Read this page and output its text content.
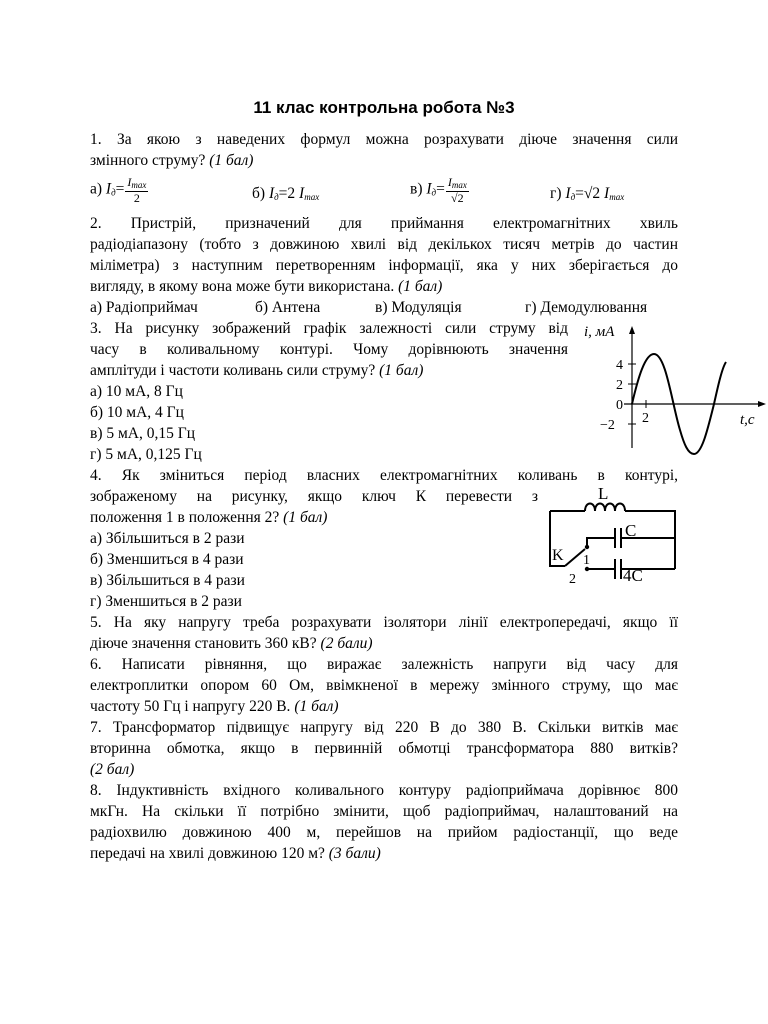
11 клас контрольна робота №3
1. За якою з наведених формул можна розрахувати діюче значення сили
змінного струму? (1 бал)
а) $I_д= \frac{I_{max}}{2}$	б) $I_д=2$ $I_{max}$	в) $I_д= \frac{I_{max}}{√2}$	г) $I_д=√2$ $I_{max}$
2. Пристрій, призначений для приймання електромагнітних хвиль
радіодіапазону (тобто з довжиною хвилі від декількох тисяч метрів до частин
міліметра) з наступним перетворенням інформації, яка у них зберігається до
вигляду, в якому вона може бути використана. (1 бал)
а) Радіоприймач	б) Антена	в) Модуляція	г) Демодулювання
3. На рисунку зображений графік залежності сили струму від
часу в коливальному контурі. Чому дорівнюють значення
амплітуди і частоти коливань сили струму? (1 бал)
а) 10 мА, 8 Гц
б) 10 мА, 4 Гц
в) 5 мА, 0,15 Гц
г) 5 мА, 0,125 Гц
4. Як зміниться період власних електромагнітних коливань в контурі,
зображеному на рисунку, якщо ключ К перевести з
положення 1 в положення 2? (1 бал)
а) Збільшиться в 2 рази
б) Зменшиться в 4 рази
в) Збільшиться в 4 рази
г) Зменшиться в 2 рази
5. На яку напругу треба розрахувати ізолятори лінії електропередачі, якщо її
діюче значення становить 360 кВ? (2 бали)
6. Написати рівняння, що виражає залежність напруги від часу для
електроплитки опором 60 Ом, ввімкненої в мережу змінного струму, що має
частоту 50 Гц і напругу 220 В. (1 бал)
7. Трансформатор підвищує напругу від 220 В до 380 В. Скільки витків має
вторинна обмотка, якщо в первинній обмотці трансформатора 880 витків?
(2 бал)
8. Індуктивність вхідного коливального контуру радіоприймача дорівнює 800
мкГн. На скільки її потрібно змінити, щоб радіоприймач, налаштований на
радіохвилю довжиною 400 м, перейшов на прийом радіостанції, що веде
передачі на хвилі довжиною 120 м? (3 бали)
i, мА
4
2
0
−2 2	t,c
L
C
4C
K 1
2
